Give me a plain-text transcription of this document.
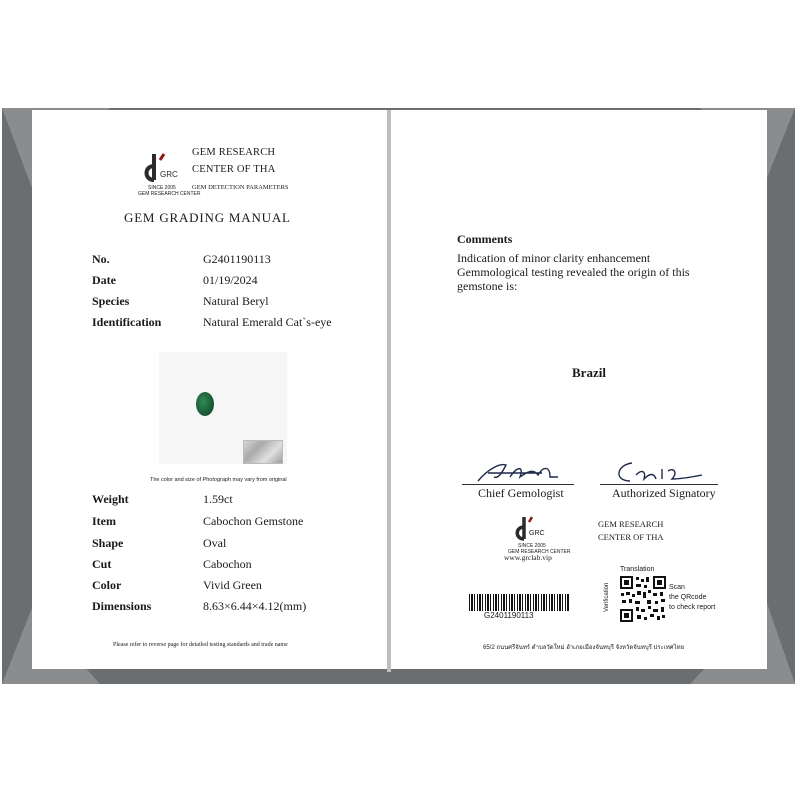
GRC
SINCE 2005
GEM RESEARCH CENTER
GEM RESEARCH
CENTER OF THA
GEM DETECTION PARAMETERS
GEM GRADING MANUAL
No.	G2401190113
Date	01/19/2024
Species	Natural Beryl
Identification	Natural Emerald Cat`s-eye
The color and size of Photograph may vary from original
Weight	1.59ct
Item	Cabochon Gemstone
Shape	Oval
Cut	Cabochon
Color	Vivid Green
Dimensions	8.63×6.44×4.12(mm)
Please refer to reverse page for detailed testing standards and trade name
Comments
Indication of minor clarity enhancement
Gemmological testing revealed the origin of this
gemstone is:
Brazil
Chief Gemologist	Authorized Signatory
GRC
SINCE 2005
GEM RESEARCH CENTER
www.grclab.vip
GEM RESEARCH
CENTER OF THA
G2401190113
Translation
Verification	Scan
the QRcode
to check report
65/2 ถนนศรีจันทร์ ตำบลวัดใหม่ อำเภอเมืองจันทบุรี จังหวัดจันทบุรี ประเทศไทย
